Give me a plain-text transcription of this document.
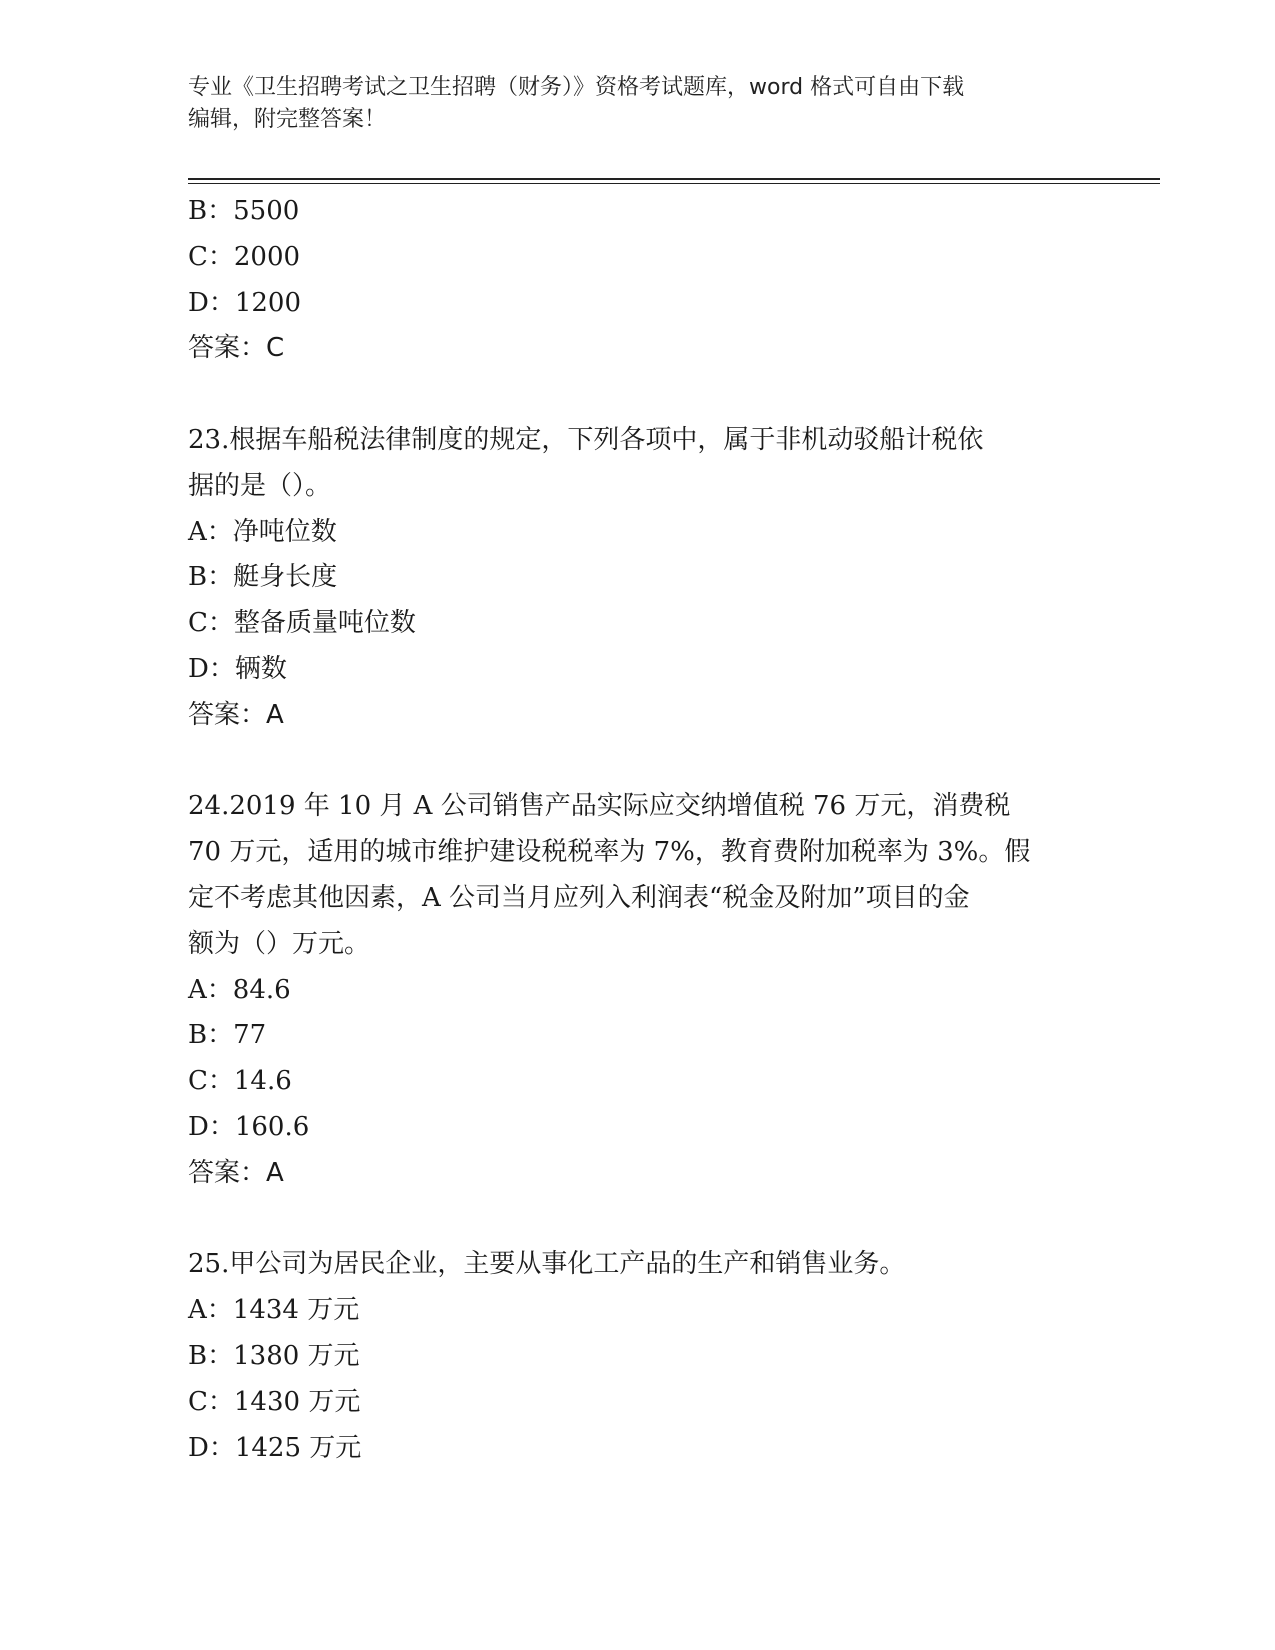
专业《卫生招聘考试之卫生招聘（财务）》资格考试题库，word 格式可自由下载
编辑，附完整答案！
B：5500
C：2000
D：1200
答案：C
23.根据车船税法律制度的规定，下列各项中，属于非机动驳船计税依
据的是（）。
A：净吨位数
B：艇身长度
C：整备质量吨位数
D：辆数
答案：A
24.2019 年 10 月 A 公司销售产品实际应交纳增值税 76 万元，消费税
70 万元，适用的城市维护建设税税率为 7%，教育费附加税率为 3%。假
定不考虑其他因素，A 公司当月应列入利润表“税金及附加”项目的金
额为（）万元。
A：84.6
B：77
C：14.6
D：160.6
答案：A
25.甲公司为居民企业，主要从事化工产品的生产和销售业务。
A：1434 万元
B：1380 万元
C：1430 万元
D：1425 万元
